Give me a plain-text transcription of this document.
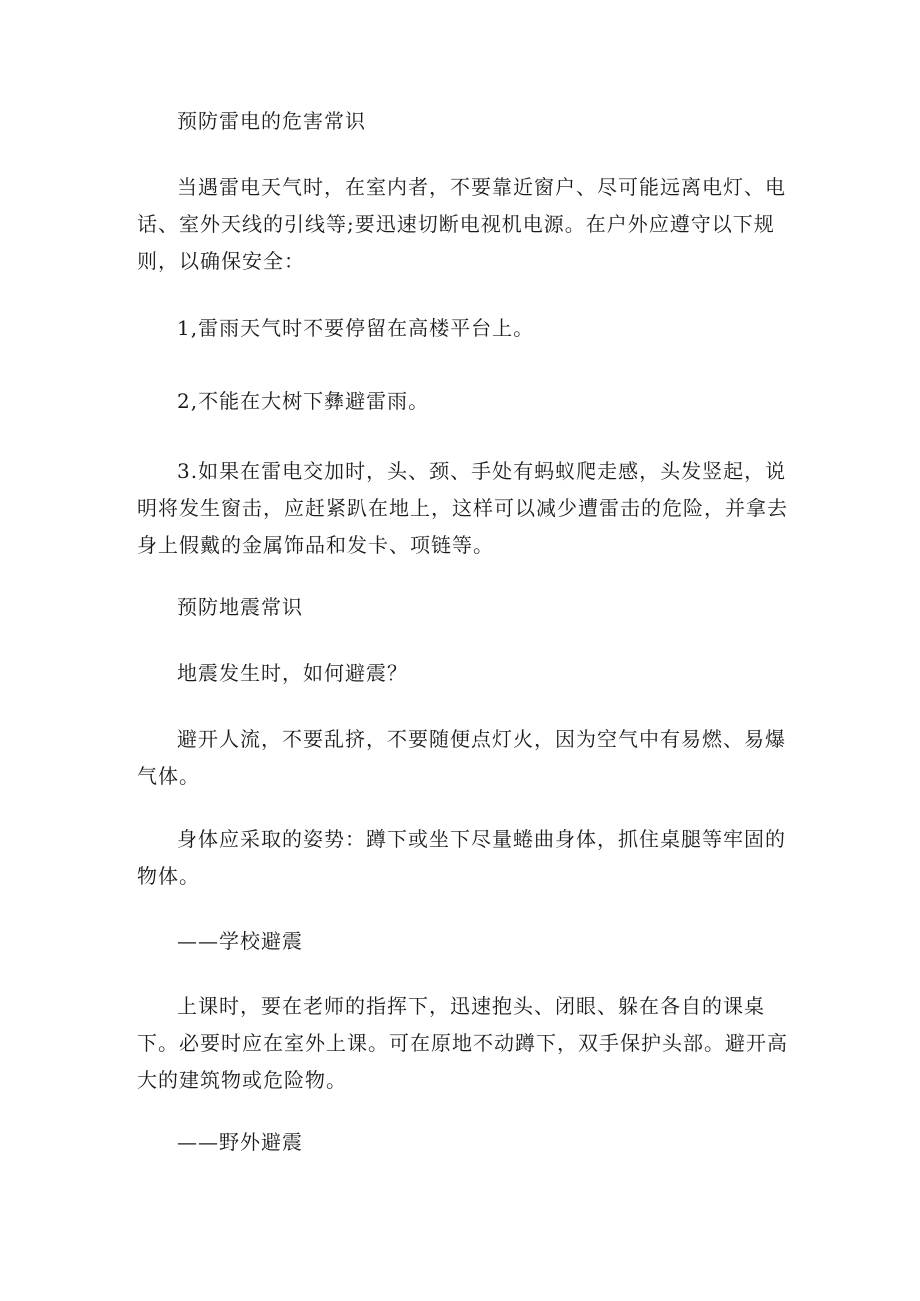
预防雷电的危害常识

当遇雷电天气时，在室内者，不要靠近窗户、尽可能远离电灯、电话、室外天线的引线等;要迅速切断电视机电源。在户外应遵守以下规则，以确保安全：

1,雷雨天气时不要停留在高楼平台上。

2,不能在大树下彝避雷雨。

3.如果在雷电交加时，头、颈、手处有蚂蚁爬走感，头发竖起，说明将发生窗击，应赶紧趴在地上，这样可以减少遭雷击的危险，并拿去身上假戴的金属饰品和发卡、项链等。

预防地震常识

地震发生时，如何避震？

避开人流，不要乱挤，不要随便点灯火，因为空气中有易燃、易爆气体。

身体应采取的姿势：蹲下或坐下尽量蜷曲身体，抓住桌腿等牢固的物体。

——学校避震

上课时，要在老师的指挥下，迅速抱头、闭眼、躲在各自的课桌下。必要时应在室外上课。可在原地不动蹲下，双手保护头部。避开高大的建筑物或危险物。

——野外避震
